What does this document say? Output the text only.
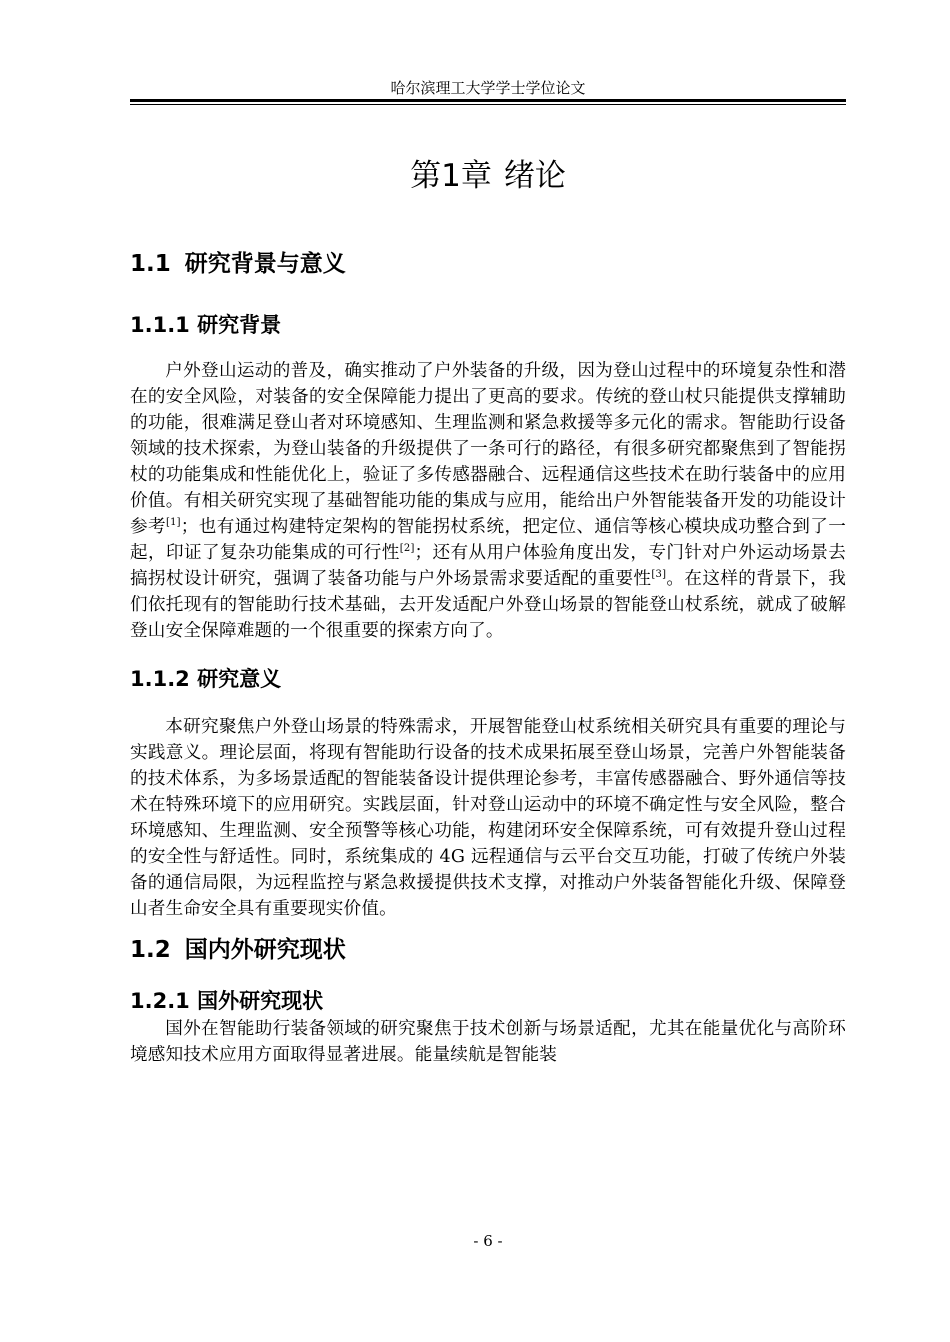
哈尔滨理工大学学士学位论文
第1章 绪论
1.1 研究背景与意义
1.1.1 研究背景

户外登山运动的普及，确实推动了户外装备的升级，因为登山过程中的环境复杂性和潜在的安全风险，对装备的安全保障能力提出了更高的要求。传统的登山杖只能提供支撑辅助的功能，很难满足登山者对环境感知、生理监测和紧急救援等多元化的需求。智能助行设备领域的技术探索，为登山装备的升级提供了一条可行的路径，有很多研究都聚焦到了智能拐杖的功能集成和性能优化上，验证了多传感器融合、远程通信这些技术在助行装备中的应用价值。有相关研究实现了基础智能功能的集成与应用，能给出户外智能装备开发的功能设计参考[1]；也有通过构建特定架构的智能拐杖系统，把定位、通信等核心模块成功整合到了一起，印证了复杂功能集成的可行性[2]；还有从用户体验角度出发，专门针对户外运动场景去搞拐杖设计研究，强调了装备功能与户外场景需求要适配的重要性[3]。在这样的背景下，我们依托现有的智能助行技术基础，去开发适配户外登山场景的智能登山杖系统，就成了破解登山安全保障难题的一个很重要的探索方向了。

1.1.2 研究意义

本研究聚焦户外登山场景的特殊需求，开展智能登山杖系统相关研究具有重要的理论与实践意义。理论层面，将现有智能助行设备的技术成果拓展至登山场景，完善户外智能装备的技术体系，为多场景适配的智能装备设计提供理论参考，丰富传感器融合、野外通信等技术在特殊环境下的应用研究。实践层面，针对登山运动中的环境不确定性与安全风险，整合环境感知、生理监测、安全预警等核心功能，构建闭环安全保障系统，可有效提升登山过程的安全性与舒适性。同时，系统集成的 4G 远程通信与云平台交互功能，打破了传统户外装备的通信局限，为远程监控与紧急救援提供技术支撑，对推动户外装备智能化升级、保障登山者生命安全具有重要现实价值。

1.2 国内外研究现状
1.2.1 国外研究现状

国外在智能助行装备领域的研究聚焦于技术创新与场景适配，尤其在能量优化与高阶环境感知技术应用方面取得显著进展。能量续航是智能装

- 6 -
